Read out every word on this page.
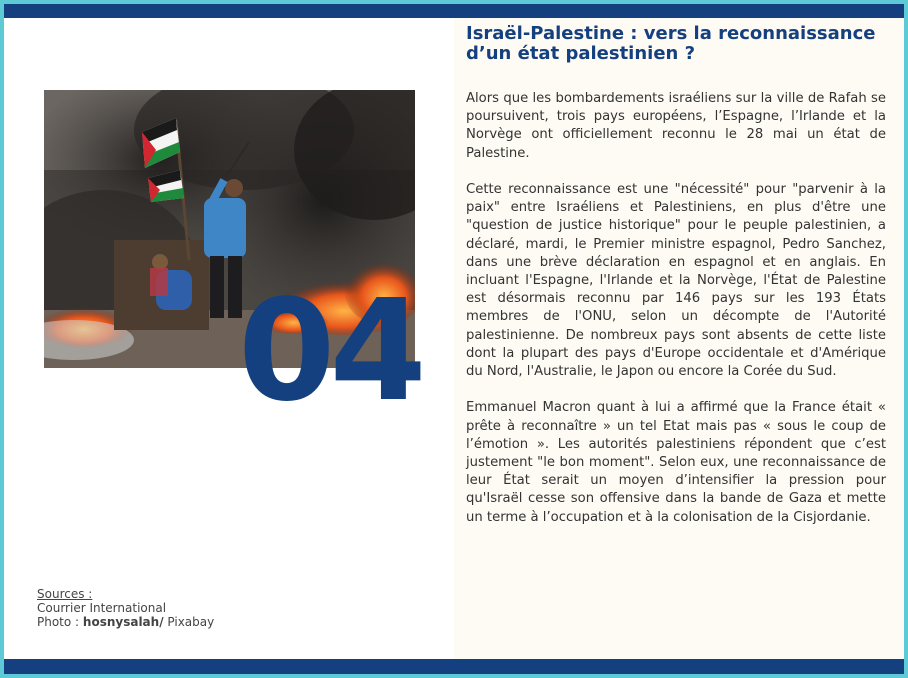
04
Israël-Palestine : vers la reconnaissance d’un état palestinien ?

Alors que les bombardements israéliens sur la ville de Rafah se poursuivent, trois pays européens, l’Espagne, l’Irlande et la Norvège ont officiellement reconnu le 28 mai un état de Palestine.

Cette reconnaissance est une "nécessité" pour "parvenir à la paix" entre Israéliens et Palestiniens, en plus d'être une "question de justice historique" pour le peuple palestinien, a déclaré, mardi, le Premier ministre espagnol, Pedro Sanchez, dans une brève déclaration en espagnol et en anglais. En incluant l'Espagne, l'Irlande et la Norvège, l'État de Palestine est désormais reconnu par 146 pays sur les 193 États membres de l'ONU, selon un décompte de l'Autorité palestinienne. De nombreux pays sont absents de cette liste dont la plupart des pays d'Europe occidentale et d'Amérique du Nord, l'Australie, le Japon ou encore la Corée du Sud.

Emmanuel Macron quant à lui a affirmé que la France était « prête à reconnaître » un tel Etat mais pas « sous le coup de l’émotion ». Les autorités palestiniens répondent que c’est justement "le bon moment". Selon eux, une reconnaissance de leur État serait un moyen d’intensifier la pression pour qu'Israël cesse son offensive dans la bande de Gaza et mette un terme à l’occupation et à la colonisation de la Cisjordanie.

Sources :
Courrier International
Photo : hosnysalah/ Pixabay
